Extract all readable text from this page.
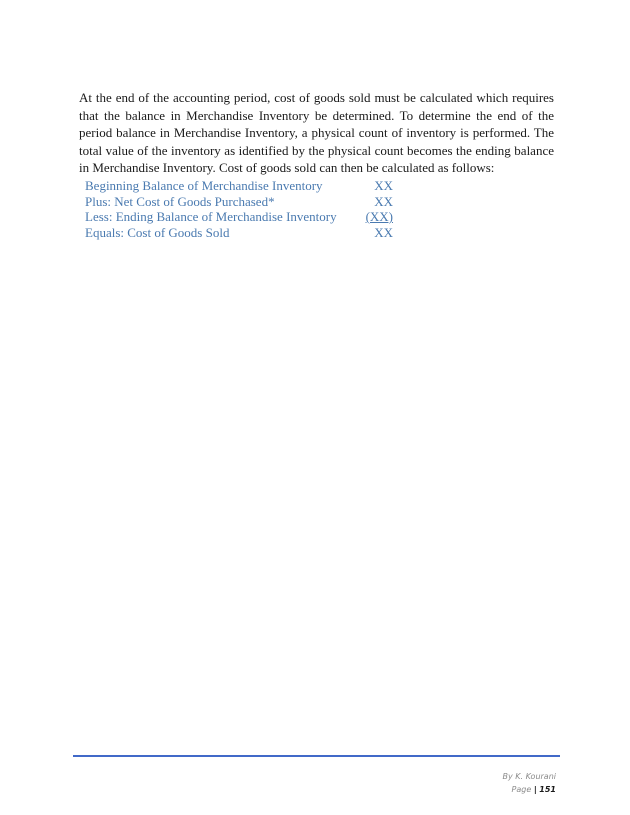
At the end of the accounting period, cost of goods sold must be calculated which requires that the balance in Merchandise Inventory be determined. To determine the end of the period balance in Merchandise Inventory, a physical count of inventory is performed. The total value of the inventory as identified by the physical count becomes the ending balance in Merchandise Inventory. Cost of goods sold can then be calculated as follows:

Beginning Balance of Merchandise Inventory	XX
Plus: Net Cost of Goods Purchased*	XX
Less: Ending Balance of Merchandise Inventory (XX)
Equals: Cost of Goods Sold	XX
By K. Kourani
Page | 151
